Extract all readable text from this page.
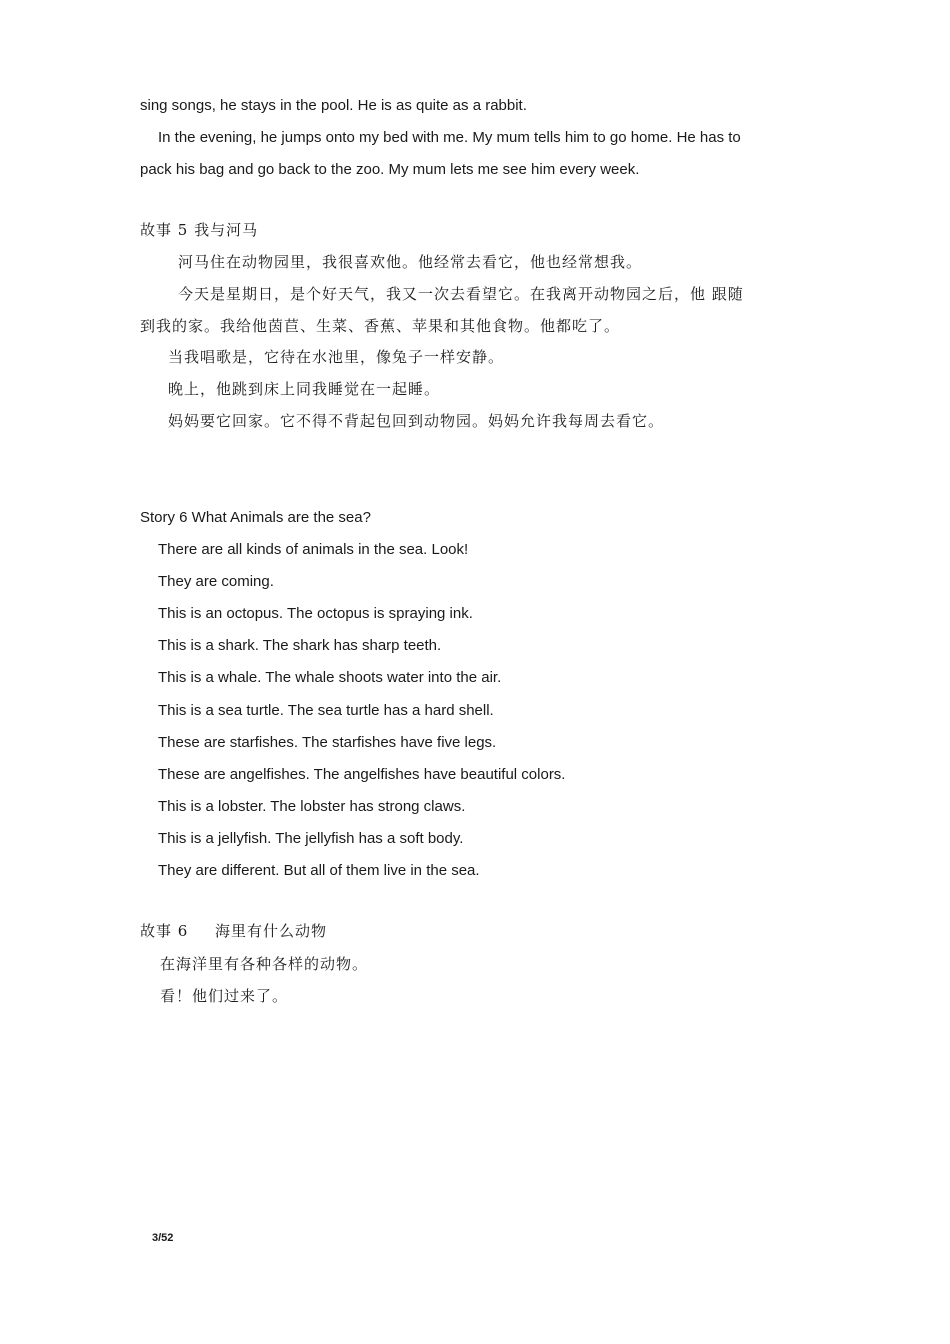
sing songs, he stays in the pool. He is as quite as a rabbit.
In the evening, he jumps onto my bed with me. My mum tells him to go home. He has to
pack his bag and go back to the zoo. My mum lets me see him every week.
故事 5 我与河马
河马住在动物园里，我很喜欢他。他经常去看它，他也经常想我。
今天是星期日，是个好天气，我又一次去看望它。在我离开动物园之后，他 跟随
到我的家。我给他茵苣、生菜、香蕉、苹果和其他食物。他都吃了。
当我唱歌是，它待在水池里，像兔子一样安静。
晚上，他跳到床上同我睡觉在一起睡。
妈妈要它回家。它不得不背起包回到动物园。妈妈允许我每周去看它。
Story 6 What Animals are the sea?
There are all kinds of animals in the sea. Look!
They are coming.
This is an octopus. The octopus is spraying ink.
This is a shark. The shark has sharp teeth.
This is a whale. The whale shoots water into the air.
This is a sea turtle. The sea turtle has a hard shell.
These are starfishes. The starfishes have five legs.
These are angelfishes. The angelfishes have beautiful colors.
This is a lobster. The lobster has strong claws.
This is a jellyfish. The jellyfish has a soft body.
They are different. But all of them live in the sea.
故事 6 海里有什么动物
在海洋里有各种各样的动物。
看！他们过来了。
3/52
